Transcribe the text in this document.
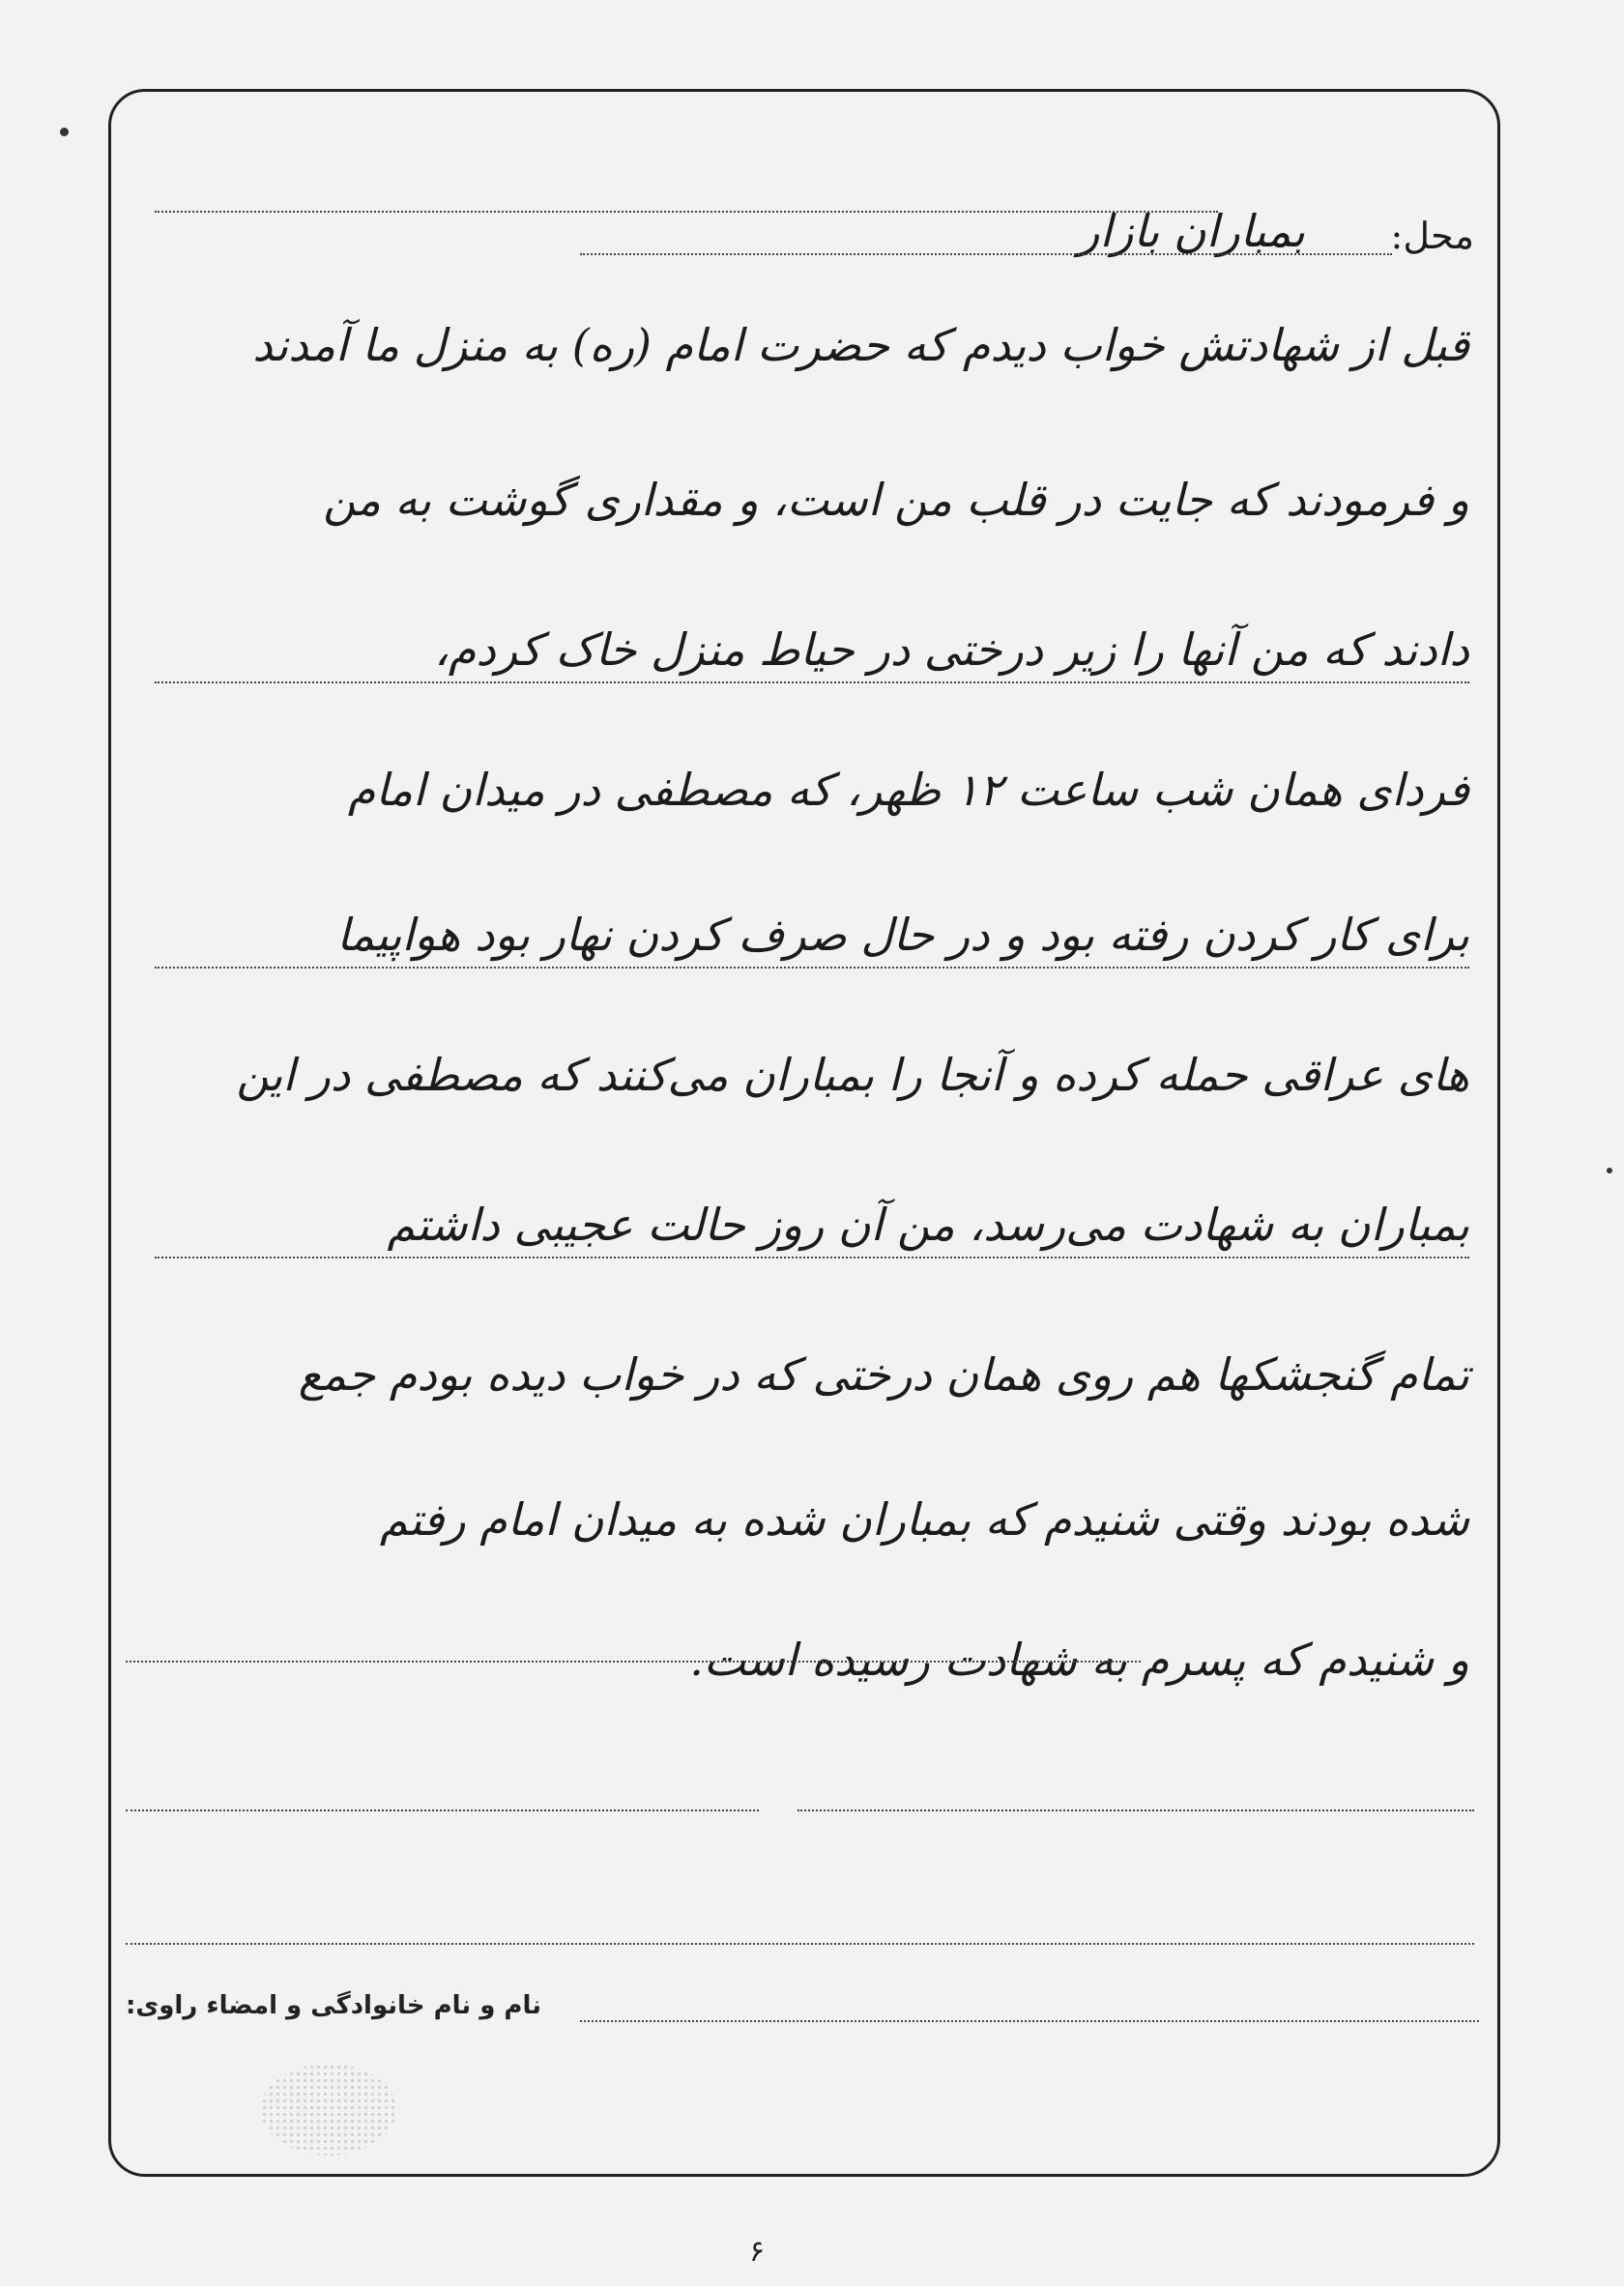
محل:
بمباران بازار
قبل از شهادتش خواب دیدم که حضرت امام (ره) به منزل ما آمدند
و فرمودند که جایت در قلب من است، و مقداری گوشت به من
دادند که من آنها را زیر درختی در حیاط منزل خاک کردم،
فردای همان شب ساعت ۱۲ ظهر، که مصطفی در میدان امام
برای کار کردن رفته بود و در حال صرف کردن نهار بود هواپیما
های عراقی حمله کرده و آنجا را بمباران می‌کنند که مصطفی در این
بمباران به شهادت می‌رسد، من آن روز حالت عجیبی داشتم
تمام گنجشکها هم روی همان درختی که در خواب دیده بودم جمع
شده بودند وقتی شنیدم که بمباران شده به میدان امام رفتم
و شنیدم که پسرم به شهادت رسیده است.
نام و نام خانوادگی و امضاء راوی:
۶
